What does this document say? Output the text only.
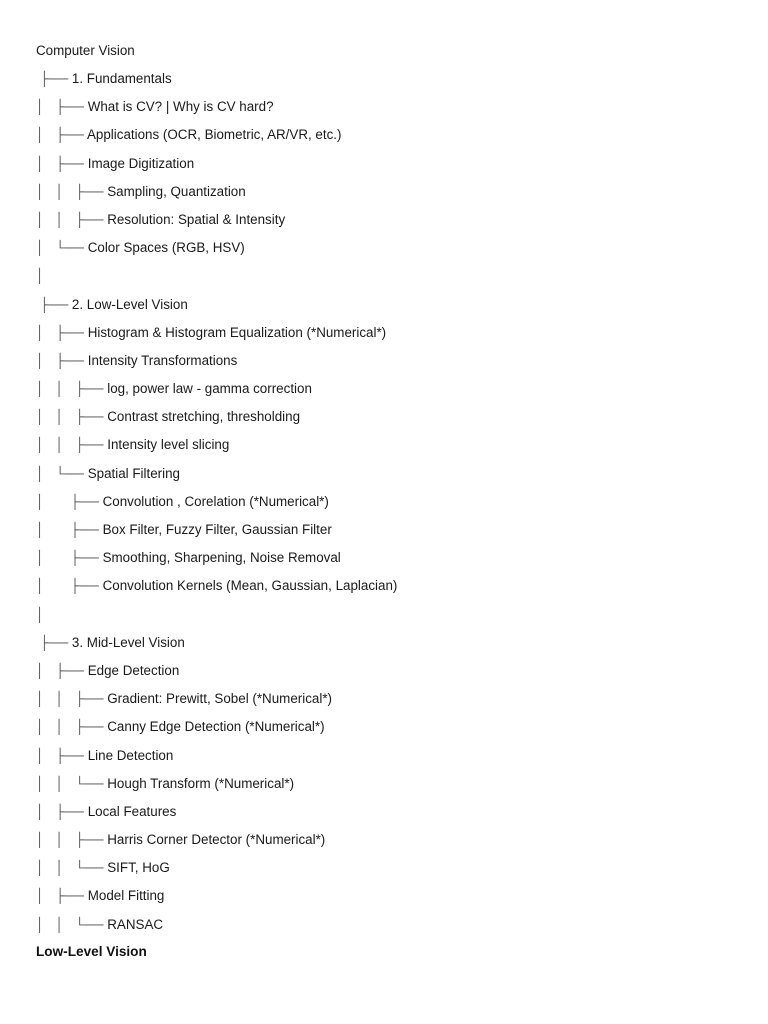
Computer Vision
├── 1. Fundamentals
│   ├── What is CV? | Why is CV hard?
│   ├── Applications (OCR, Biometric, AR/VR, etc.)
│   ├── Image Digitization
│   │   ├── Sampling, Quantization
│   │   ├── Resolution: Spatial & Intensity
│   └── Color Spaces (RGB, HSV)
│
├── 2. Low-Level Vision
│   ├── Histogram & Histogram Equalization (*Numerical*)
│   ├── Intensity Transformations
│   │   ├── log, power law - gamma correction
│   │   ├── Contrast stretching, thresholding
│   │   ├── Intensity level slicing
│   └── Spatial Filtering
│       ├── Convolution , Corelation (*Numerical*)
│       ├── Box Filter, Fuzzy Filter, Gaussian Filter
│       ├── Smoothing, Sharpening, Noise Removal
│       ├── Convolution Kernels (Mean, Gaussian, Laplacian)
│
├── 3. Mid-Level Vision
│   ├── Edge Detection
│   │   ├── Gradient: Prewitt, Sobel (*Numerical*)
│   │   ├── Canny Edge Detection (*Numerical*)
│   ├── Line Detection
│   │   └── Hough Transform (*Numerical*)
│   ├── Local Features
│   │   ├── Harris Corner Detector (*Numerical*)
│   │   └── SIFT, HoG
│   ├── Model Fitting
│   │   └── RANSAC
Low-Level Vision
